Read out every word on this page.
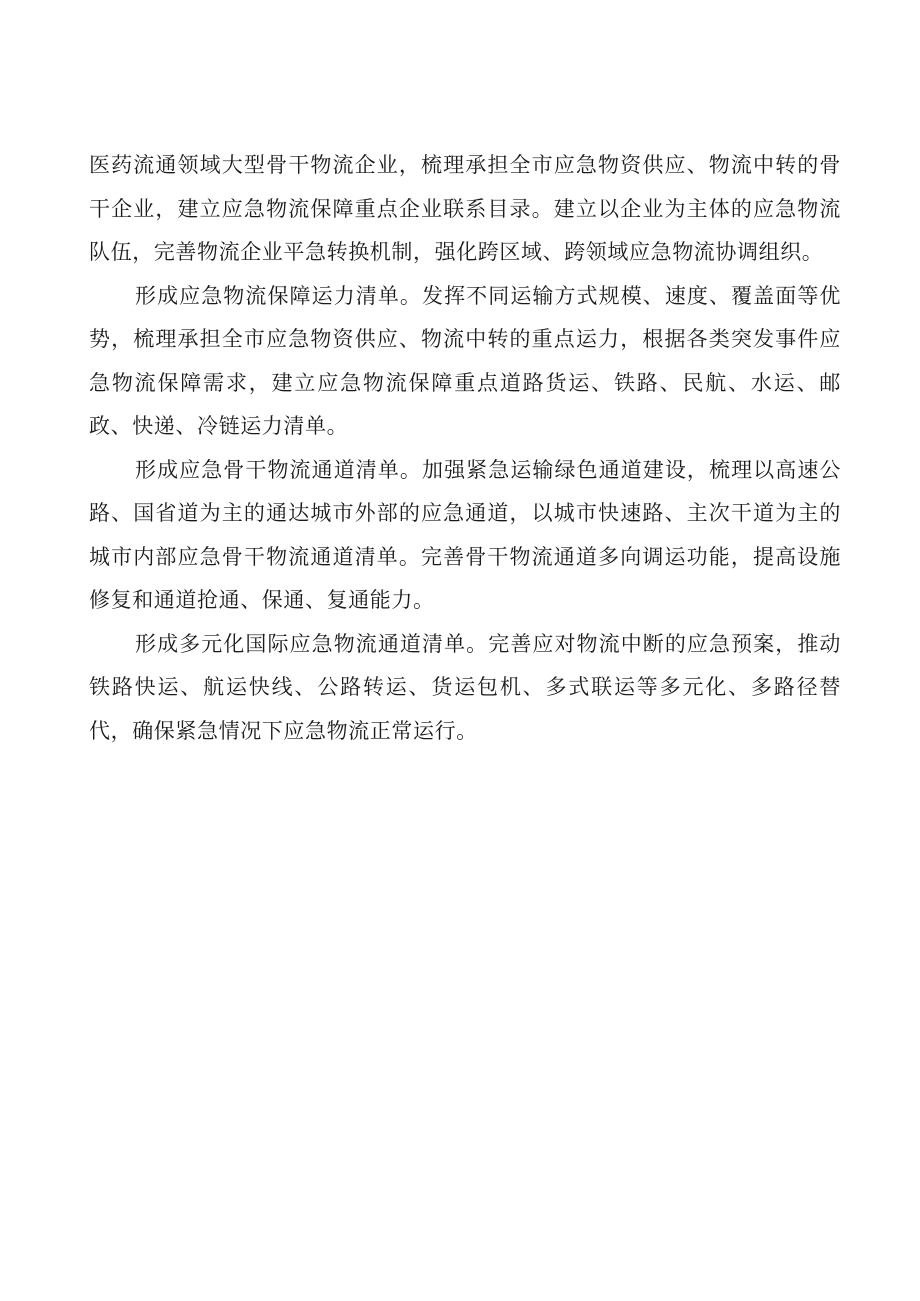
医药流通领域大型骨干物流企业，梳理承担全市应急物资供应、物流中转的骨干企业，建立应急物流保障重点企业联系目录。建立以企业为主体的应急物流队伍，完善物流企业平急转换机制，强化跨区域、跨领域应急物流协调组织。

形成应急物流保障运力清单。发挥不同运输方式规模、速度、覆盖面等优势，梳理承担全市应急物资供应、物流中转的重点运力，根据各类突发事件应急物流保障需求，建立应急物流保障重点道路货运、铁路、民航、水运、邮政、快递、冷链运力清单。

形成应急骨干物流通道清单。加强紧急运输绿色通道建设，梳理以高速公路、国省道为主的通达城市外部的应急通道，以城市快速路、主次干道为主的城市内部应急骨干物流通道清单。完善骨干物流通道多向调运功能，提高设施修复和通道抢通、保通、复通能力。

形成多元化国际应急物流通道清单。完善应对物流中断的应急预案，推动铁路快运、航运快线、公路转运、货运包机、多式联运等多元化、多路径替代，确保紧急情况下应急物流正常运行。
